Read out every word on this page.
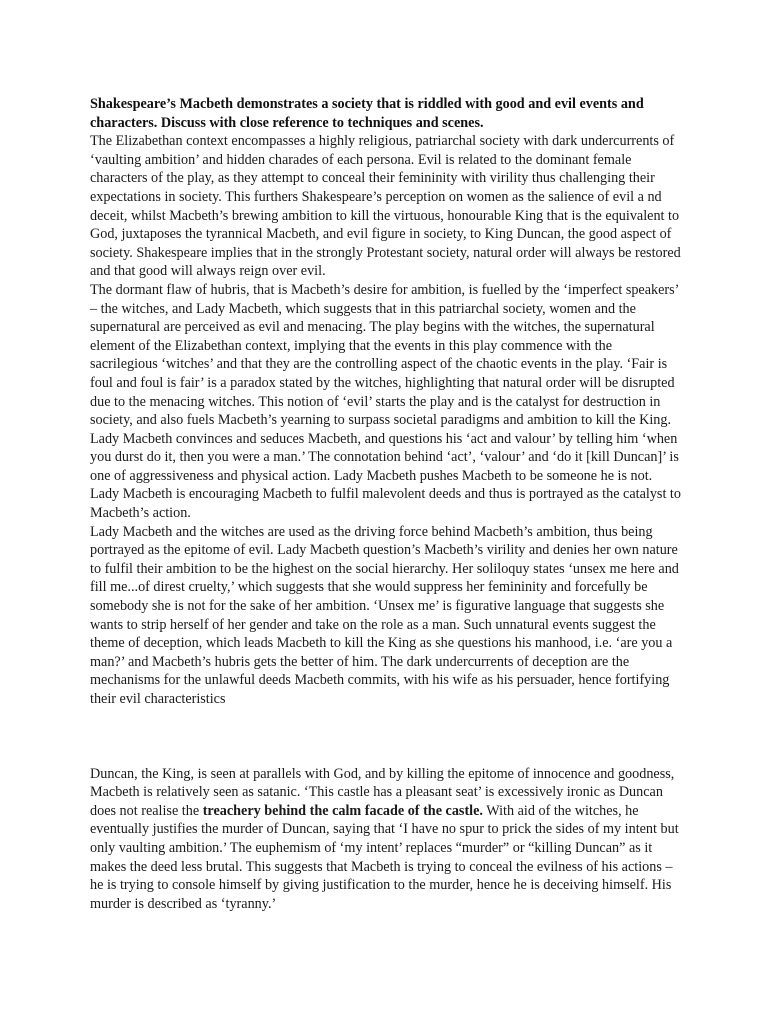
Shakespeare’s Macbeth demonstrates a society that is riddled with good and evil events and characters. Discuss with close reference to techniques and scenes.

The Elizabethan context encompasses a highly religious, patriarchal society with dark undercurrents of ‘vaulting ambition’ and hidden charades of each persona. Evil is related to the dominant female characters of the play, as they attempt to conceal their femininity with virility thus challenging their expectations in society. This furthers Shakespeare’s perception on women as the salience of evil a nd deceit, whilst Macbeth’s brewing ambition to kill the virtuous, honourable King that is the equivalent to God, juxtaposes the tyrannical Macbeth, and evil figure in society, to King Duncan, the good aspect of society. Shakespeare implies that in the strongly Protestant society, natural order will always be restored and that good will always reign over evil.

The dormant flaw of hubris, that is Macbeth’s desire for ambition, is fuelled by the ‘imperfect speakers’ – the witches, and Lady Macbeth, which suggests that in this patriarchal society, women and the supernatural are perceived as evil and menacing. The play begins with the witches, the supernatural element of the Elizabethan context, implying that the events in this play commence with the sacrilegious ‘witches’ and that they are the controlling aspect of the chaotic events in the play. ‘Fair is foul and foul is fair’ is a paradox stated by the witches, highlighting that natural order will be disrupted due to the menacing witches. This notion of ‘evil’ starts the play and is the catalyst for destruction in society, and also fuels Macbeth’s yearning to surpass societal paradigms and ambition to kill the King.

Lady Macbeth convinces and seduces Macbeth, and questions his ‘act and valour’ by telling him ‘when you durst do it, then you were a man.’ The connotation behind ‘act’, ‘valour’ and ‘do it [kill Duncan]’ is one of aggressiveness and physical action. Lady Macbeth pushes Macbeth to be someone he is not. Lady Macbeth is encouraging Macbeth to fulfil malevolent deeds and thus is portrayed as the catalyst to Macbeth’s action.

Lady Macbeth and the witches are used as the driving force behind Macbeth’s ambition, thus being portrayed as the epitome of evil. Lady Macbeth question’s Macbeth’s virility and denies her own nature to fulfil their ambition to be the highest on the social hierarchy. Her soliloquy states ‘unsex me here and fill me...of direst cruelty,’ which suggests that she would suppress her femininity and forcefully be somebody she is not for the sake of her ambition. ‘Unsex me’ is figurative language that suggests she wants to strip herself of her gender and take on the role as a man. Such unnatural events suggest the theme of deception, which leads Macbeth to kill the King as she questions his manhood, i.e. ‘are you a man?’ and Macbeth’s hubris gets the better of him. The dark undercurrents of deception are the mechanisms for the unlawful deeds Macbeth commits, with his wife as his persuader, hence fortifying their evil characteristics

Duncan, the King, is seen at parallels with God, and by killing the epitome of innocence and goodness, Macbeth is relatively seen as satanic. ‘This castle has a pleasant seat’ is excessively ironic as Duncan does not realise the treachery behind the calm facade of the castle. With aid of the witches, he eventually justifies the murder of Duncan, saying that ‘I have no spur to prick the sides of my intent but only vaulting ambition.’ The euphemism of ‘my intent’ replaces “murder” or “killing Duncan” as it makes the deed less brutal. This suggests that Macbeth is trying to conceal the evilness of his actions – he is trying to console himself by giving justification to the murder, hence he is deceiving himself. His murder is described as ‘tyranny.’
